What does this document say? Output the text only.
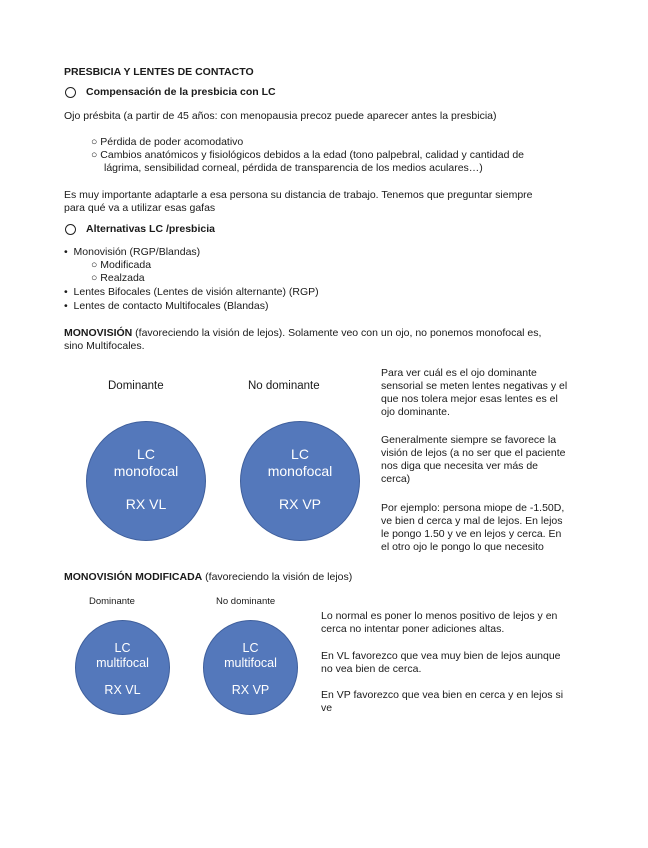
PRESBICIA Y LENTES DE CONTACTO
Compensación de la presbicia con LC
Ojo présbita (a partir de 45 años: con menopausia precoz puede aparecer antes la presbicia)
○ Pérdida de poder acomodativo
○ Cambios anatómicos y fisiológicos debidos a la edad (tono palpebral, calidad y cantidad de
lágrima, sensibilidad corneal, pérdida de transparencia de los medios aculares…)
Es muy importante adaptarle a esa persona su distancia de trabajo. Tenemos que preguntar siempre
para qué va a utilizar esas gafas
Alternativas LC /presbicia
•  Monovisión (RGP/Blandas)
○ Modificada
○ Realzada
•  Lentes Bifocales (Lentes de visión alternante) (RGP)
•  Lentes de contacto Multifocales (Blandas)
MONOVISIÓN (favoreciendo la visión de lejos). Solamente veo con un ojo, no ponemos monofocal es,
sino Multifocales.
Dominante	No dominante
LC
monofocal
RX VL
LC
monofocal
RX VP
Para ver cuál es el ojo dominante
sensorial se meten lentes negativas y el
que nos tolera mejor esas lentes es el
ojo dominante.
Generalmente siempre se favorece la
visión de lejos (a no ser que el paciente
nos diga que necesita ver más de
cerca)
Por ejemplo: persona miope de -1.50D,
ve bien d cerca y mal de lejos. En lejos
le pongo 1.50 y ve en lejos y cerca. En
el otro ojo le pongo lo que necesito
MONOVISIÓN MODIFICADA (favoreciendo la visión de lejos)
Dominante	No dominante
LC
multifocal
RX VL
LC
multifocal
RX VP
Lo normal es poner lo menos positivo de lejos y en
cerca no intentar poner adiciones altas.
En VL favorezco que vea muy bien de lejos aunque
no vea bien de cerca.
En VP favorezco que vea bien en cerca y en lejos si
ve
